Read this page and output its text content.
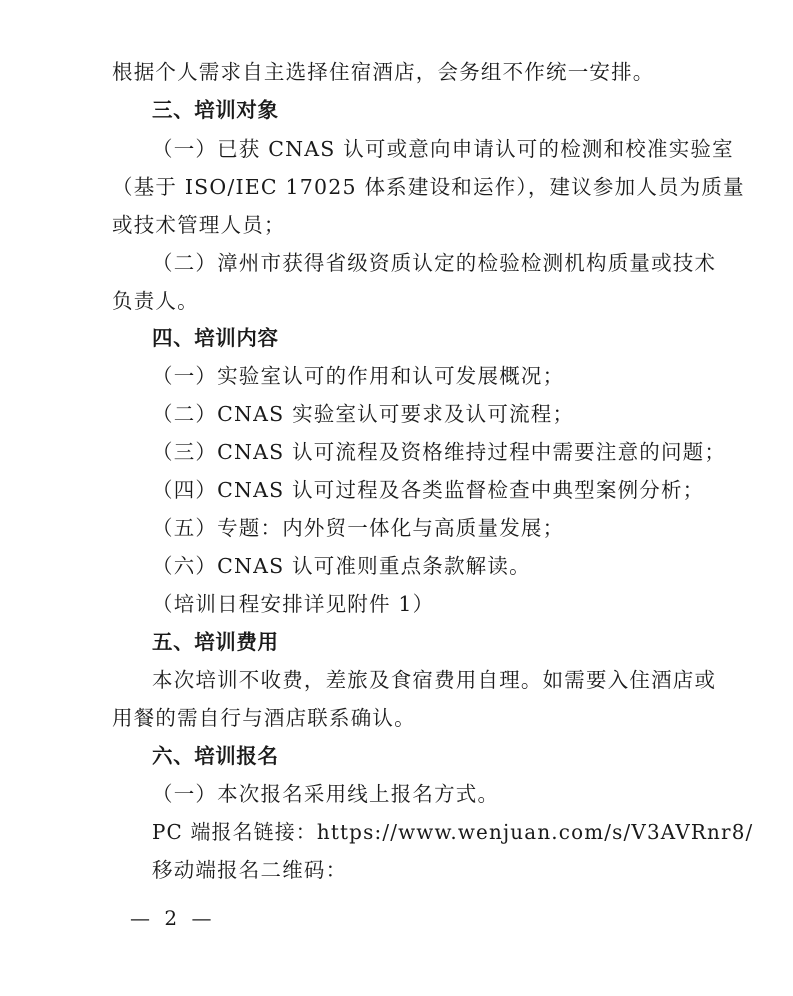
根据个人需求自主选择住宿酒店，会务组不作统一安排。
三、培训对象
（一）已获 CNAS 认可或意向申请认可的检测和校准实验室
（基于 ISO/IEC 17025 体系建设和运作），建议参加人员为质量
或技术管理人员；
（二）漳州市获得省级资质认定的检验检测机构质量或技术
负责人。
四、培训内容
（一）实验室认可的作用和认可发展概况；
（二）CNAS 实验室认可要求及认可流程；
（三）CNAS 认可流程及资格维持过程中需要注意的问题；
（四）CNAS 认可过程及各类监督检查中典型案例分析；
（五）专题：内外贸一体化与高质量发展；
（六）CNAS 认可准则重点条款解读。
（培训日程安排详见附件 1）
五、培训费用
本次培训不收费，差旅及食宿费用自理。如需要入住酒店或
用餐的需自行与酒店联系确认。
六、培训报名
（一）本次报名采用线上报名方式。
PC 端报名链接：https://www.wenjuan.com/s/V3AVRnr8/
移动端报名二维码：
— 2 —
